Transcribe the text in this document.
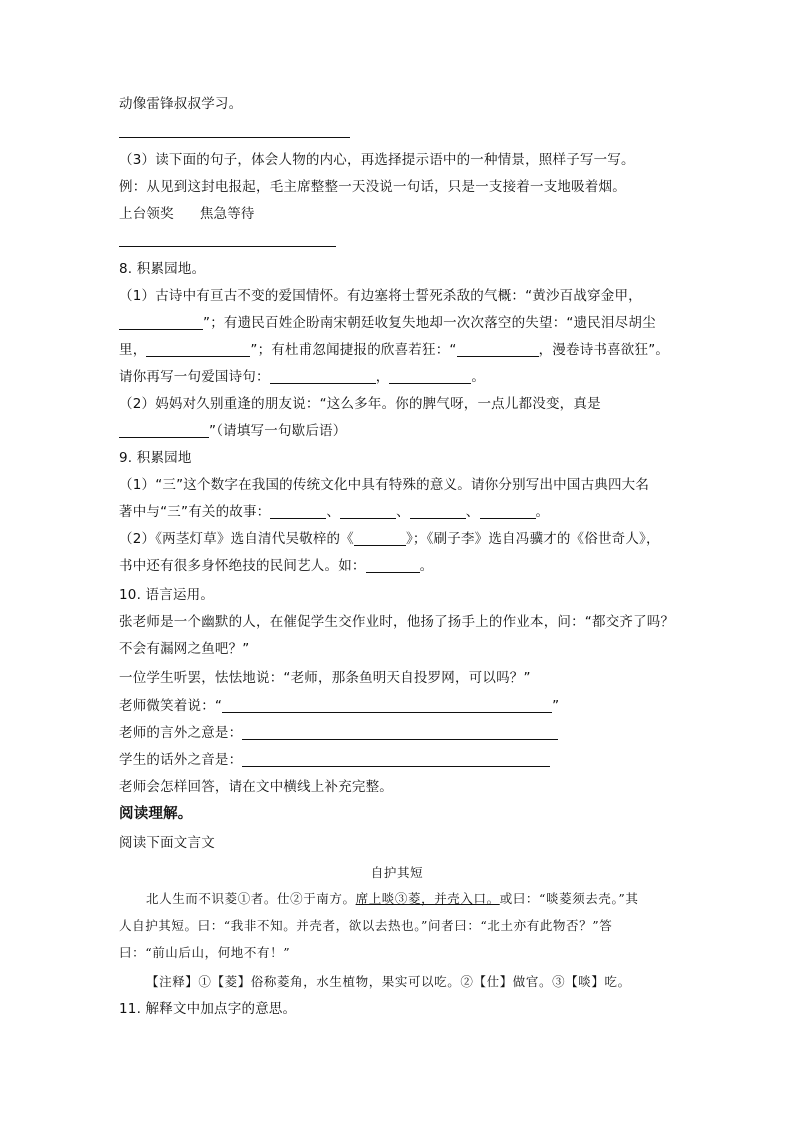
动像雷锋叔叔学习。
（3）读下面的句子，体会人物的内心，再选择提示语中的一种情景，照样子写一写。
例：从见到这封电报起，毛主席整整一天没说一句话，只是一支接着一支地吸着烟。
上台领奖 焦急等待
8. 积累园地。
（1）古诗中有亘古不变的爱国情怀。有边塞将士誓死杀敌的气概：“黄沙百战穿金甲，
”；有遗民百姓企盼南宋朝廷收复失地却一次次落空的失望：“遗民泪尽胡尘
里，	”；有杜甫忽闻捷报的欣喜若狂：“	，漫卷诗书喜欲狂”。
请你再写一句爱国诗句：	，	。
（2）妈妈对久别重逢的朋友说：“这么多年。你的脾气呀，一点儿都没变，真是
”（请填写一句歇后语）
9. 积累园地
（1）“三”这个数字在我国的传统文化中具有特殊的意义。请你分别写出中国古典四大名
著中与“三”有关的故事：	、	、	、	。
（2）《两茎灯草》选自清代吴敬梓的《	》；《刷子李》选自冯骥才的《俗世奇人》，
书中还有很多身怀绝技的民间艺人。如：	。
10. 语言运用。
张老师是一个幽默的人，在催促学生交作业时，他扬了扬手上的作业本，问：“都交齐了吗？
不会有漏网之鱼吧？”
一位学生听罢，怯怯地说：“老师，那条鱼明天自投罗网，可以吗？”
老师微笑着说：“	”
老师的言外之意是：
学生的话外之音是：
老师会怎样回答，请在文中横线上补充完整。
阅读理解。
阅读下面文言文
自护其短
北人生而不识菱①者。仕②于南方。席上啖③菱，并壳入口。或曰：“啖菱须去壳。”其
人自护其短。曰：“我非不知。并壳者，欲以去热也。”问者曰：“北土亦有此物否？”答
曰：“前山后山，何地不有！”
【注释】①【菱】俗称菱角，水生植物，果实可以吃。②【仕】做官。③【啖】吃。
11. 解释文中加点字的意思。
